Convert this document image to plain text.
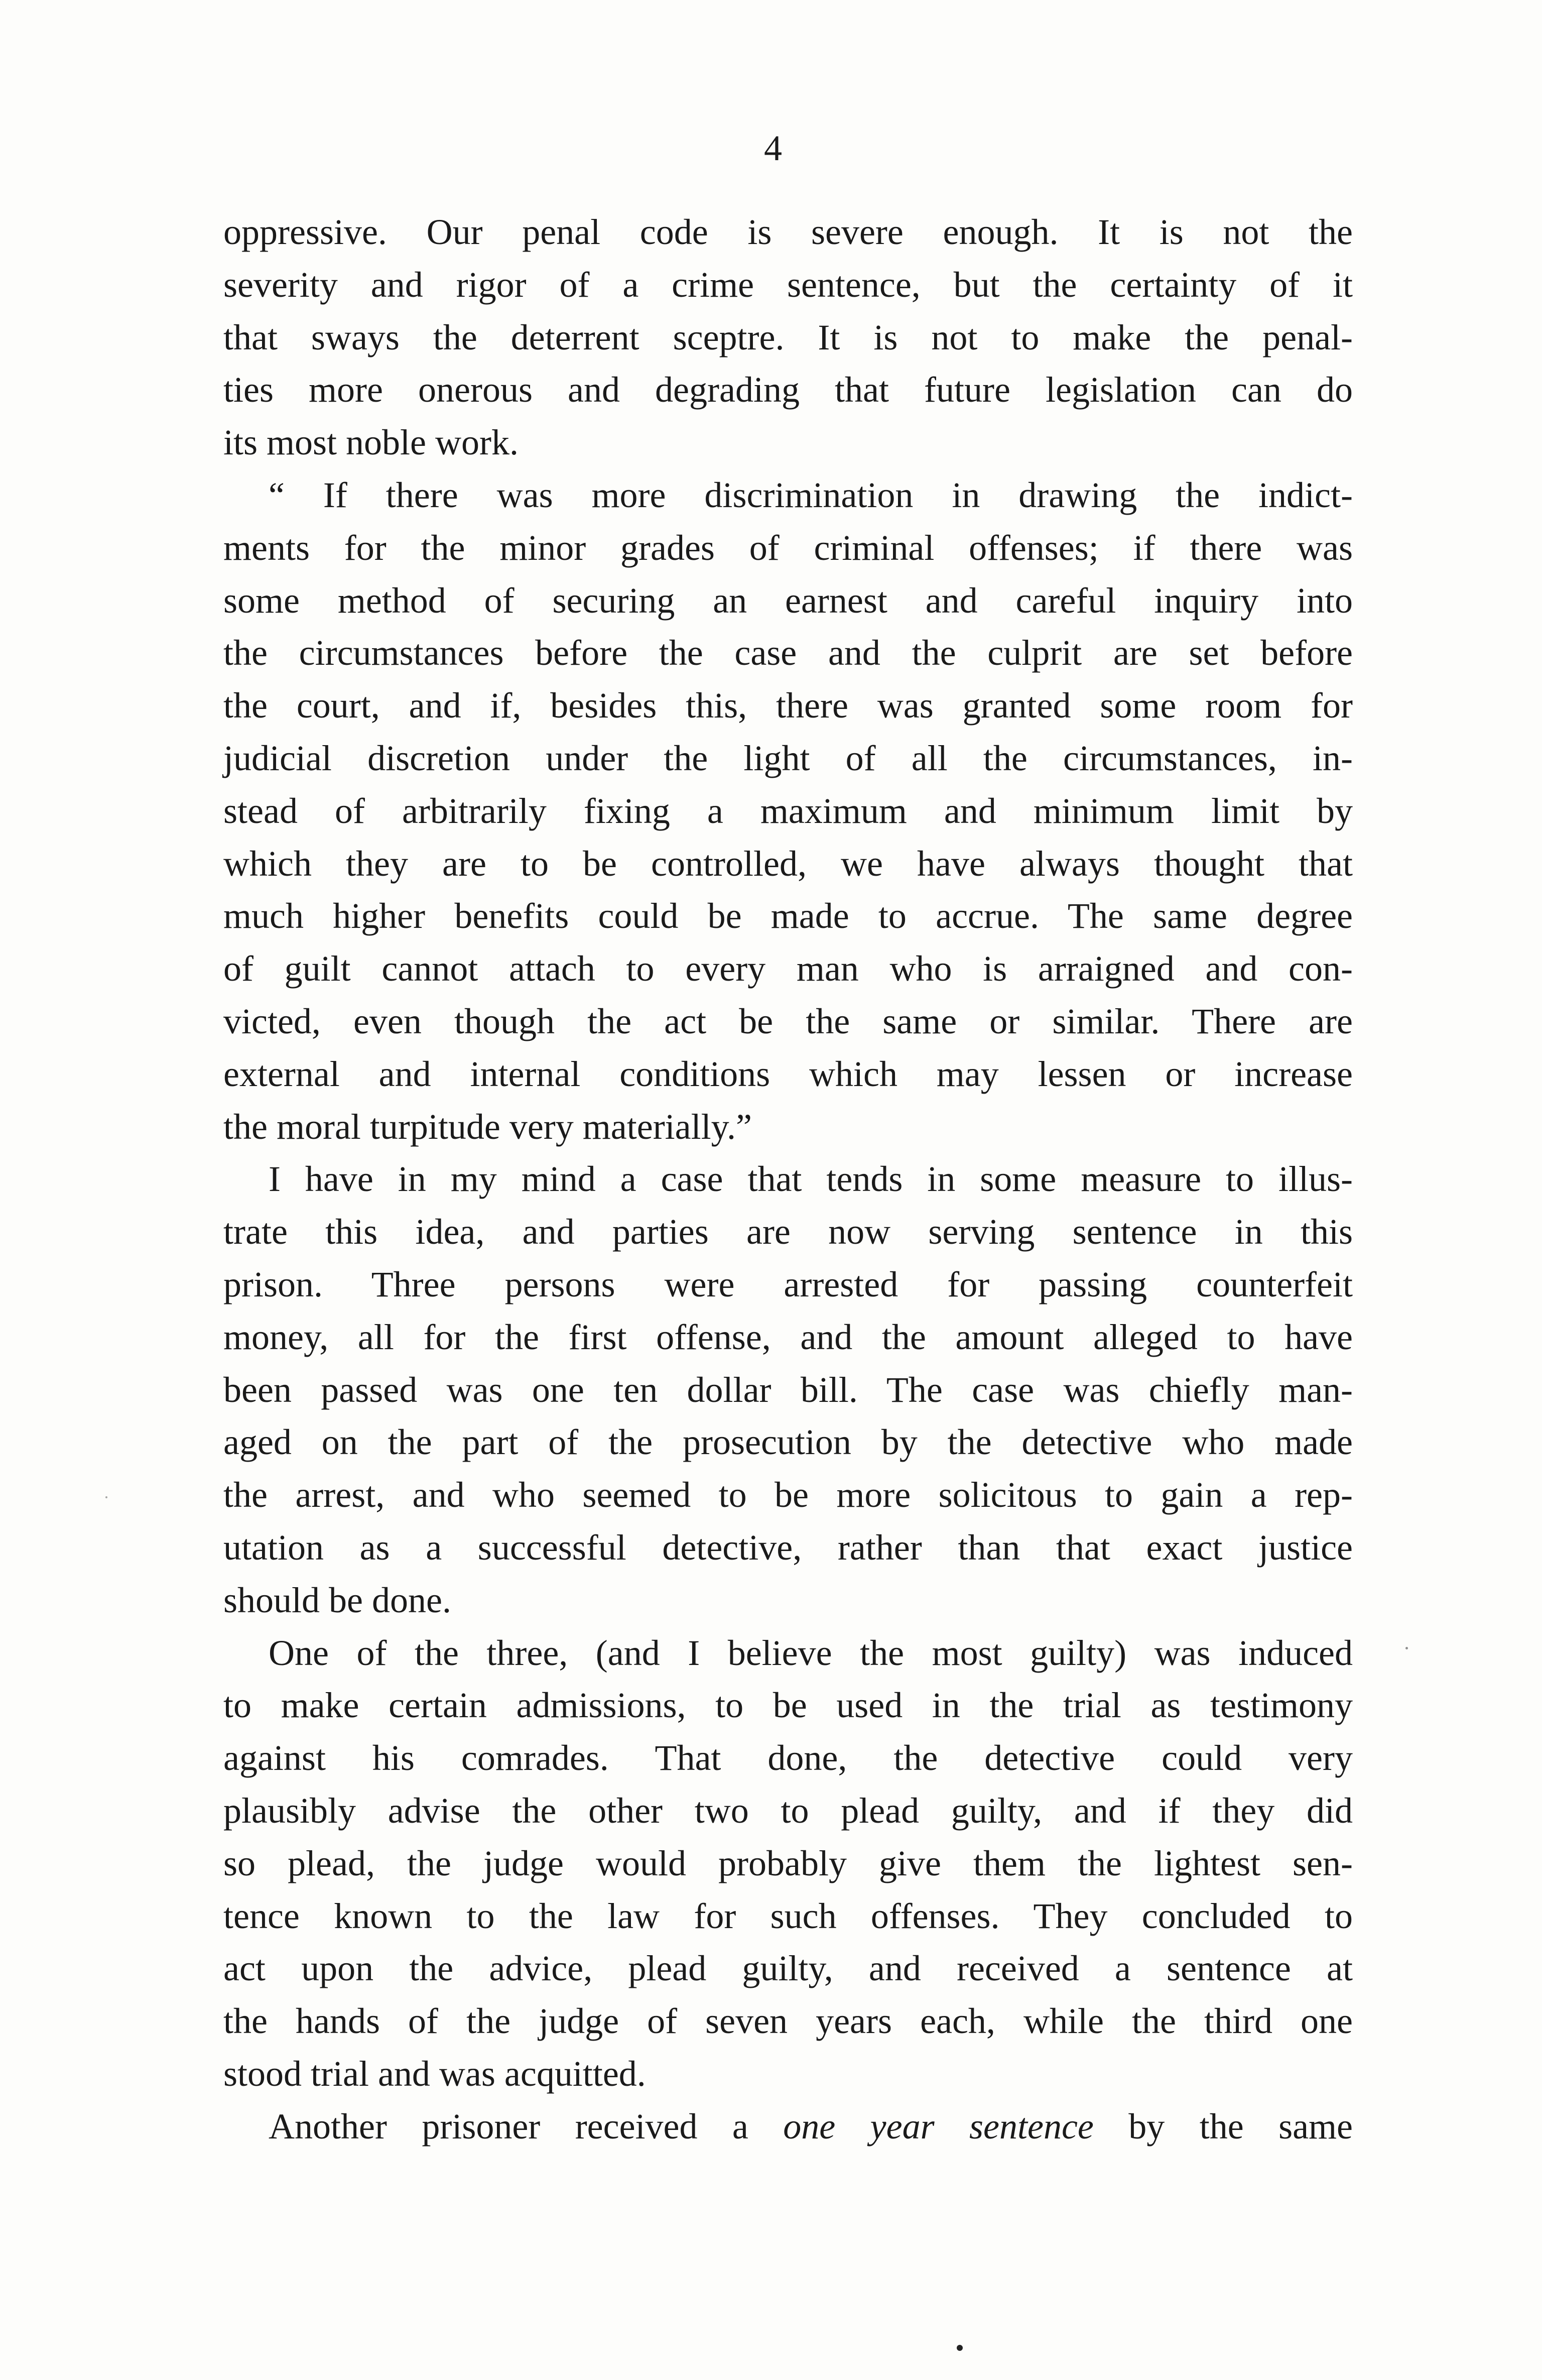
4
oppressive. Our penal code is severe enough. It is not the
severity and rigor of a crime sentence, but the certainty of it
that sways the deterrent sceptre. It is not to make the penal-
ties more onerous and degrading that future legislation can do
its most noble work.
“ If there was more discrimination in drawing the indict-
ments for the minor grades of criminal offenses; if there was
some method of securing an earnest and careful inquiry into
the circumstances before the case and the culprit are set before
the court, and if, besides this, there was granted some room for
judicial discretion under the light of all the circumstances, in-
stead of arbitrarily fixing a maximum and minimum limit by
which they are to be controlled, we have always thought that
much higher benefits could be made to accrue. The same degree
of guilt cannot attach to every man who is arraigned and con-
victed, even though the act be the same or similar. There are
external and internal conditions which may lessen or increase
the moral turpitude very materially.”
I have in my mind a case that tends in some measure to illus-
trate this idea, and parties are now serving sentence in this
prison. Three persons were arrested for passing counterfeit
money, all for the first offense, and the amount alleged to have
been passed was one ten dollar bill. The case was chiefly man-
aged on the part of the prosecution by the detective who made
the arrest, and who seemed to be more solicitous to gain a rep-
utation as a successful detective, rather than that exact justice
should be done.
One of the three, (and I believe the most guilty) was induced
to make certain admissions, to be used in the trial as testimony
against his comrades. That done, the detective could very
plausibly advise the other two to plead guilty, and if they did
so plead, the judge would probably give them the lightest sen-
tence known to the law for such offenses. They concluded to
act upon the advice, plead guilty, and received a sentence at
the hands of the judge of seven years each, while the third one
stood trial and was acquitted.
Another prisoner received a one year sentence by the same
